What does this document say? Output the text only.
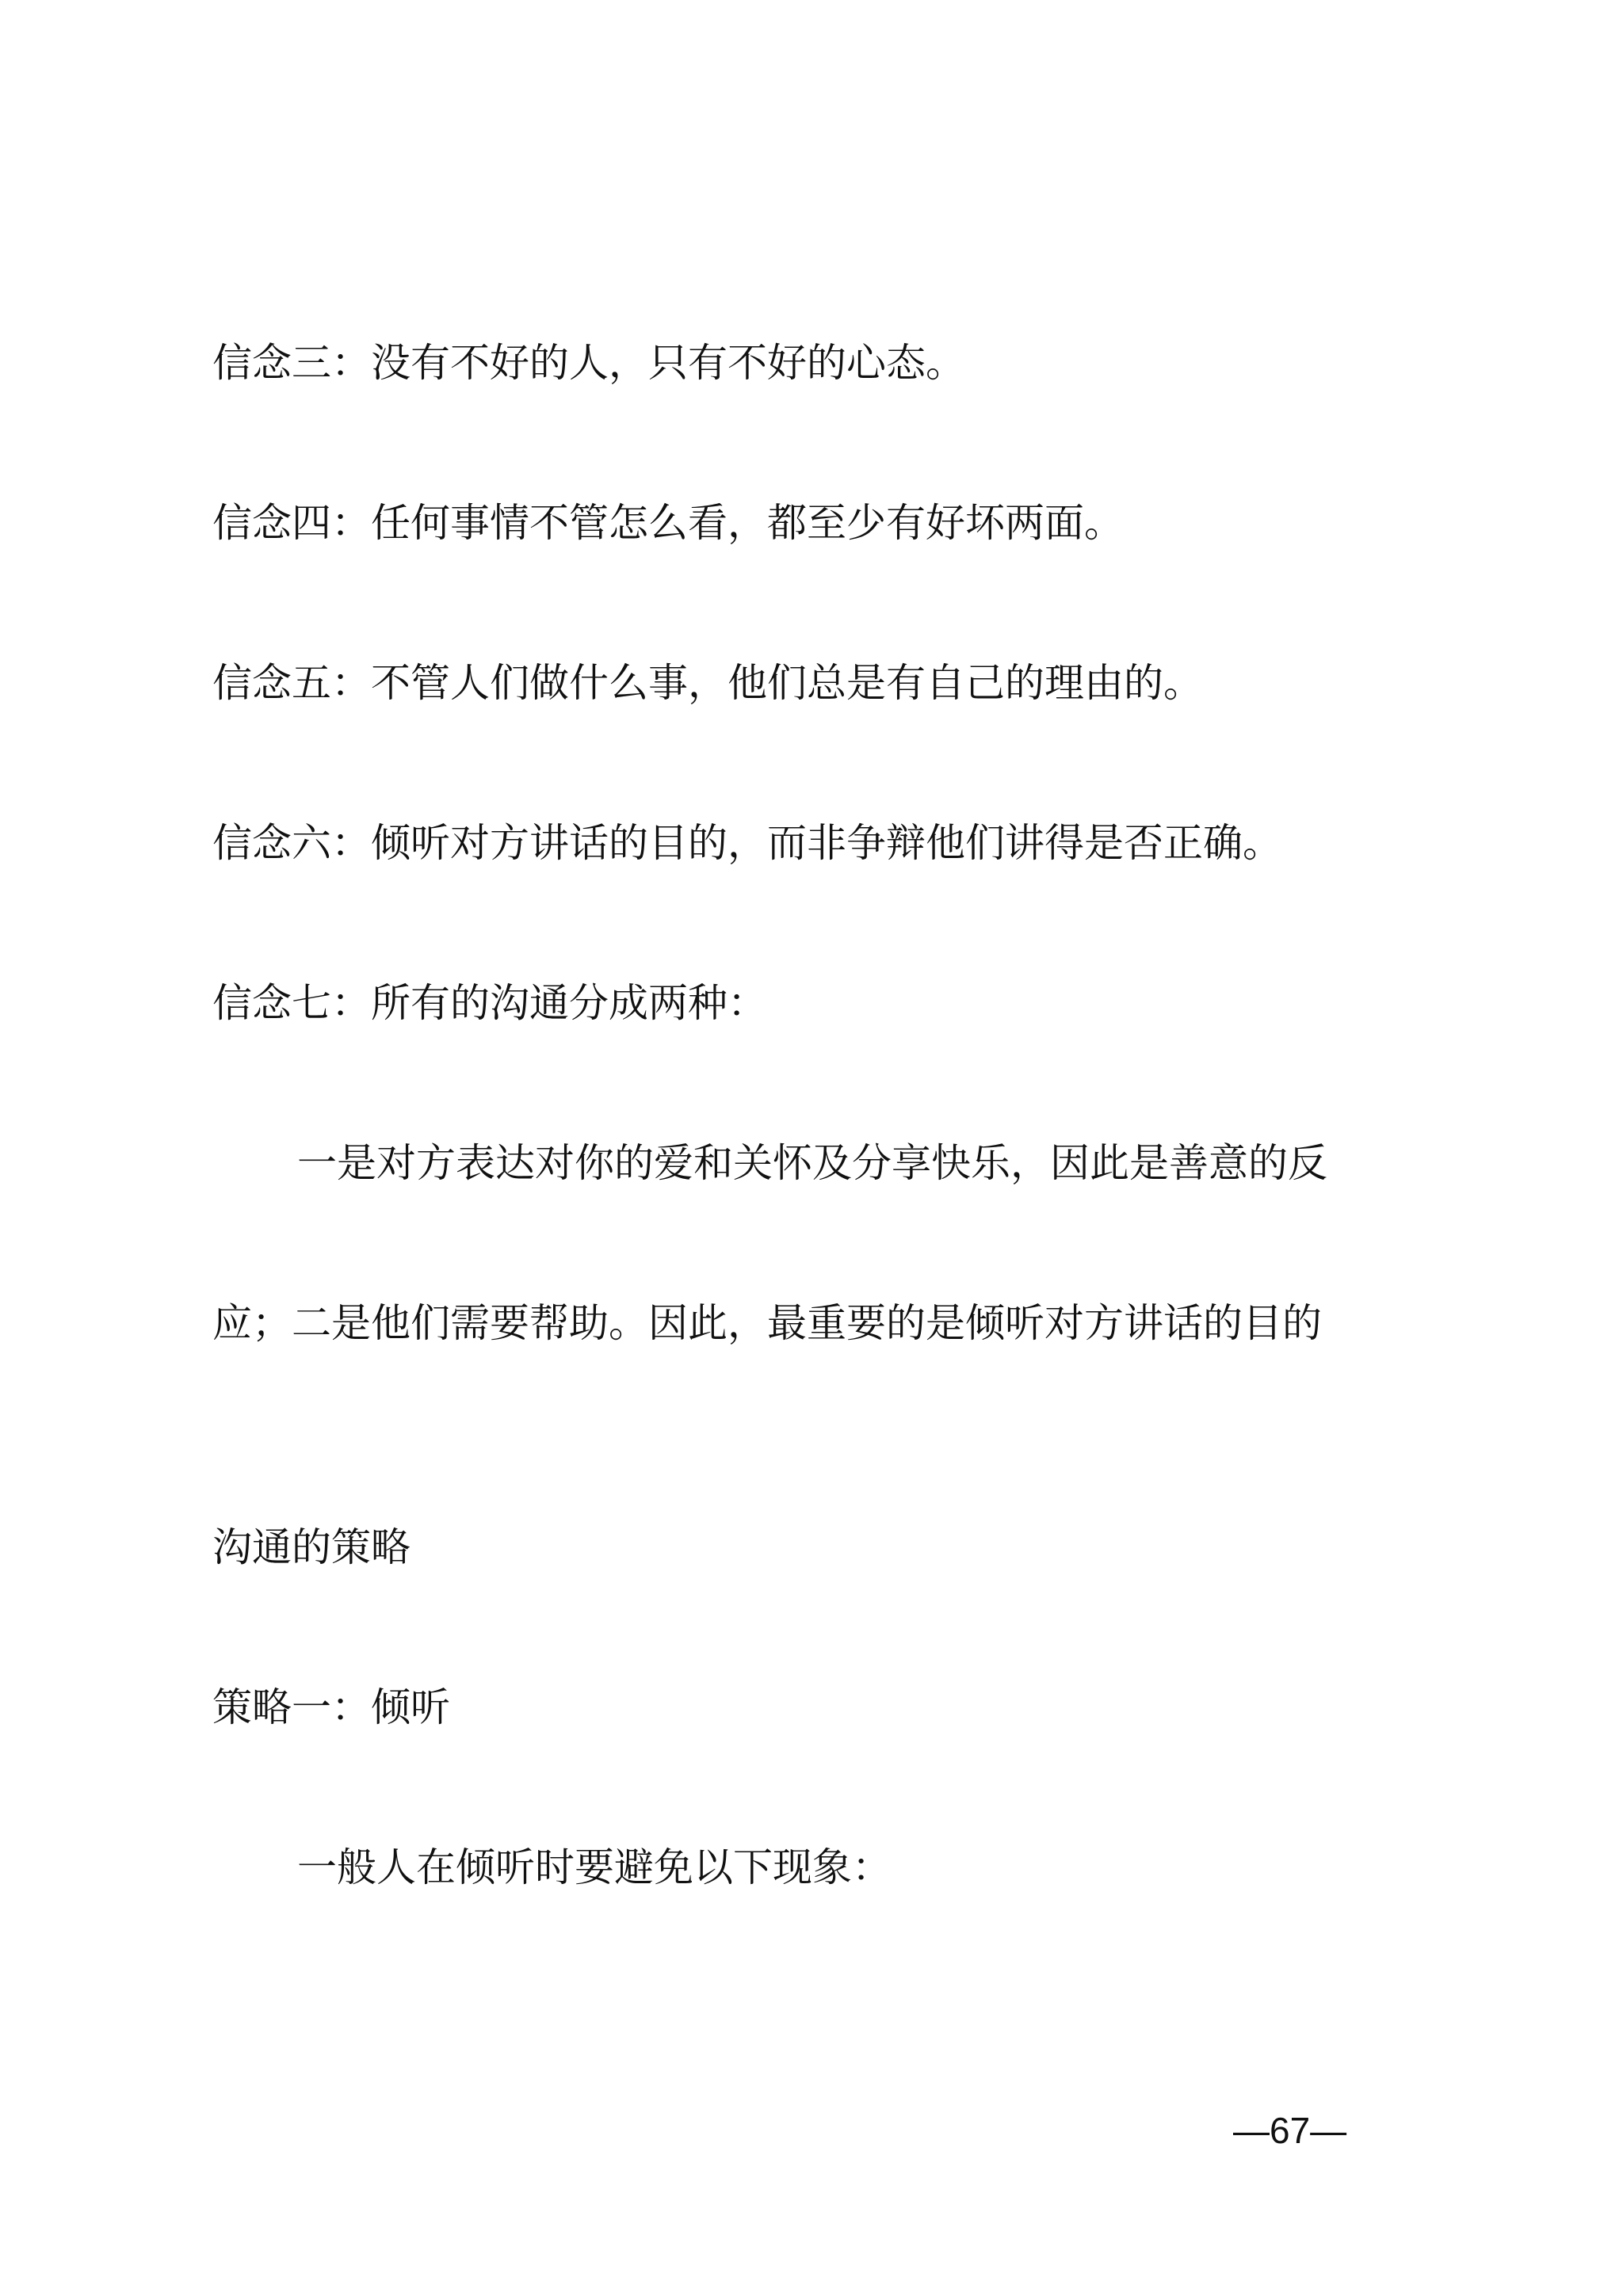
信念三：没有不好的人，只有不好的心态。

信念四：任何事情不管怎么看，都至少有好坏两面。

信念五：不管人们做什么事，他们总是有自己的理由的。

信念六：倾听对方讲话的目的，而非争辩他们讲得是否正确。

信念七：所有的沟通分成两种：

一是对方表达对你的爱和关怀及分享快乐，因此是善意的反

应；二是他们需要帮助。因此，最重要的是倾听对方讲话的目的

沟通的策略

策略一：倾听

一般人在倾听时要避免以下现象：

—67—
